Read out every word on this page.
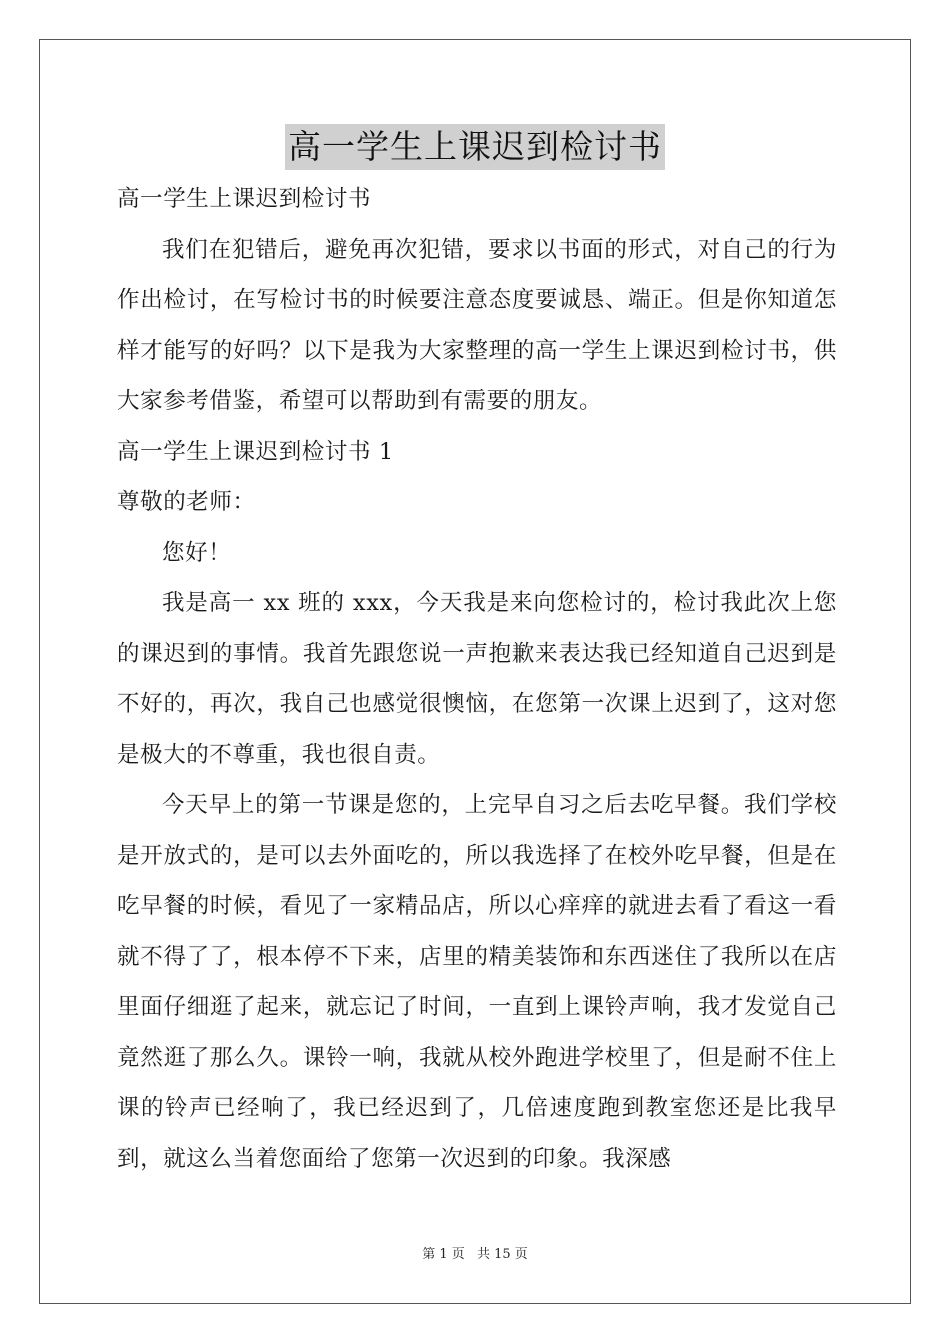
高一学生上课迟到检讨书

高一学生上课迟到检讨书

我们在犯错后，避免再次犯错，要求以书面的形式，对自己的行为作出检讨，在写检讨书的时候要注意态度要诚恳、端正。但是你知道怎样才能写的好吗？以下是我为大家整理的高一学生上课迟到检讨书，供大家参考借鉴，希望可以帮助到有需要的朋友。

高一学生上课迟到检讨书 1

尊敬的老师：

您好！

我是高一 xx 班的 xxx，今天我是来向您检讨的，检讨我此次上您的课迟到的事情。我首先跟您说一声抱歉来表达我已经知道自己迟到是不好的，再次，我自己也感觉很懊恼，在您第一次课上迟到了，这对您是极大的不尊重，我也很自责。

今天早上的第一节课是您的，上完早自习之后去吃早餐。我们学校是开放式的，是可以去外面吃的，所以我选择了在校外吃早餐，但是在吃早餐的时候，看见了一家精品店，所以心痒痒的就进去看了看这一看就不得了了，根本停不下来，店里的精美装饰和东西迷住了我所以在店里面仔细逛了起来，就忘记了时间，一直到上课铃声响，我才发觉自己竟然逛了那么久。课铃一响，我就从校外跑进学校里了，但是耐不住上课的铃声已经响了，我已经迟到了，几倍速度跑到教室您还是比我早到，就这么当着您面给了您第一次迟到的印象。我深感

第 1 页 共 15 页
